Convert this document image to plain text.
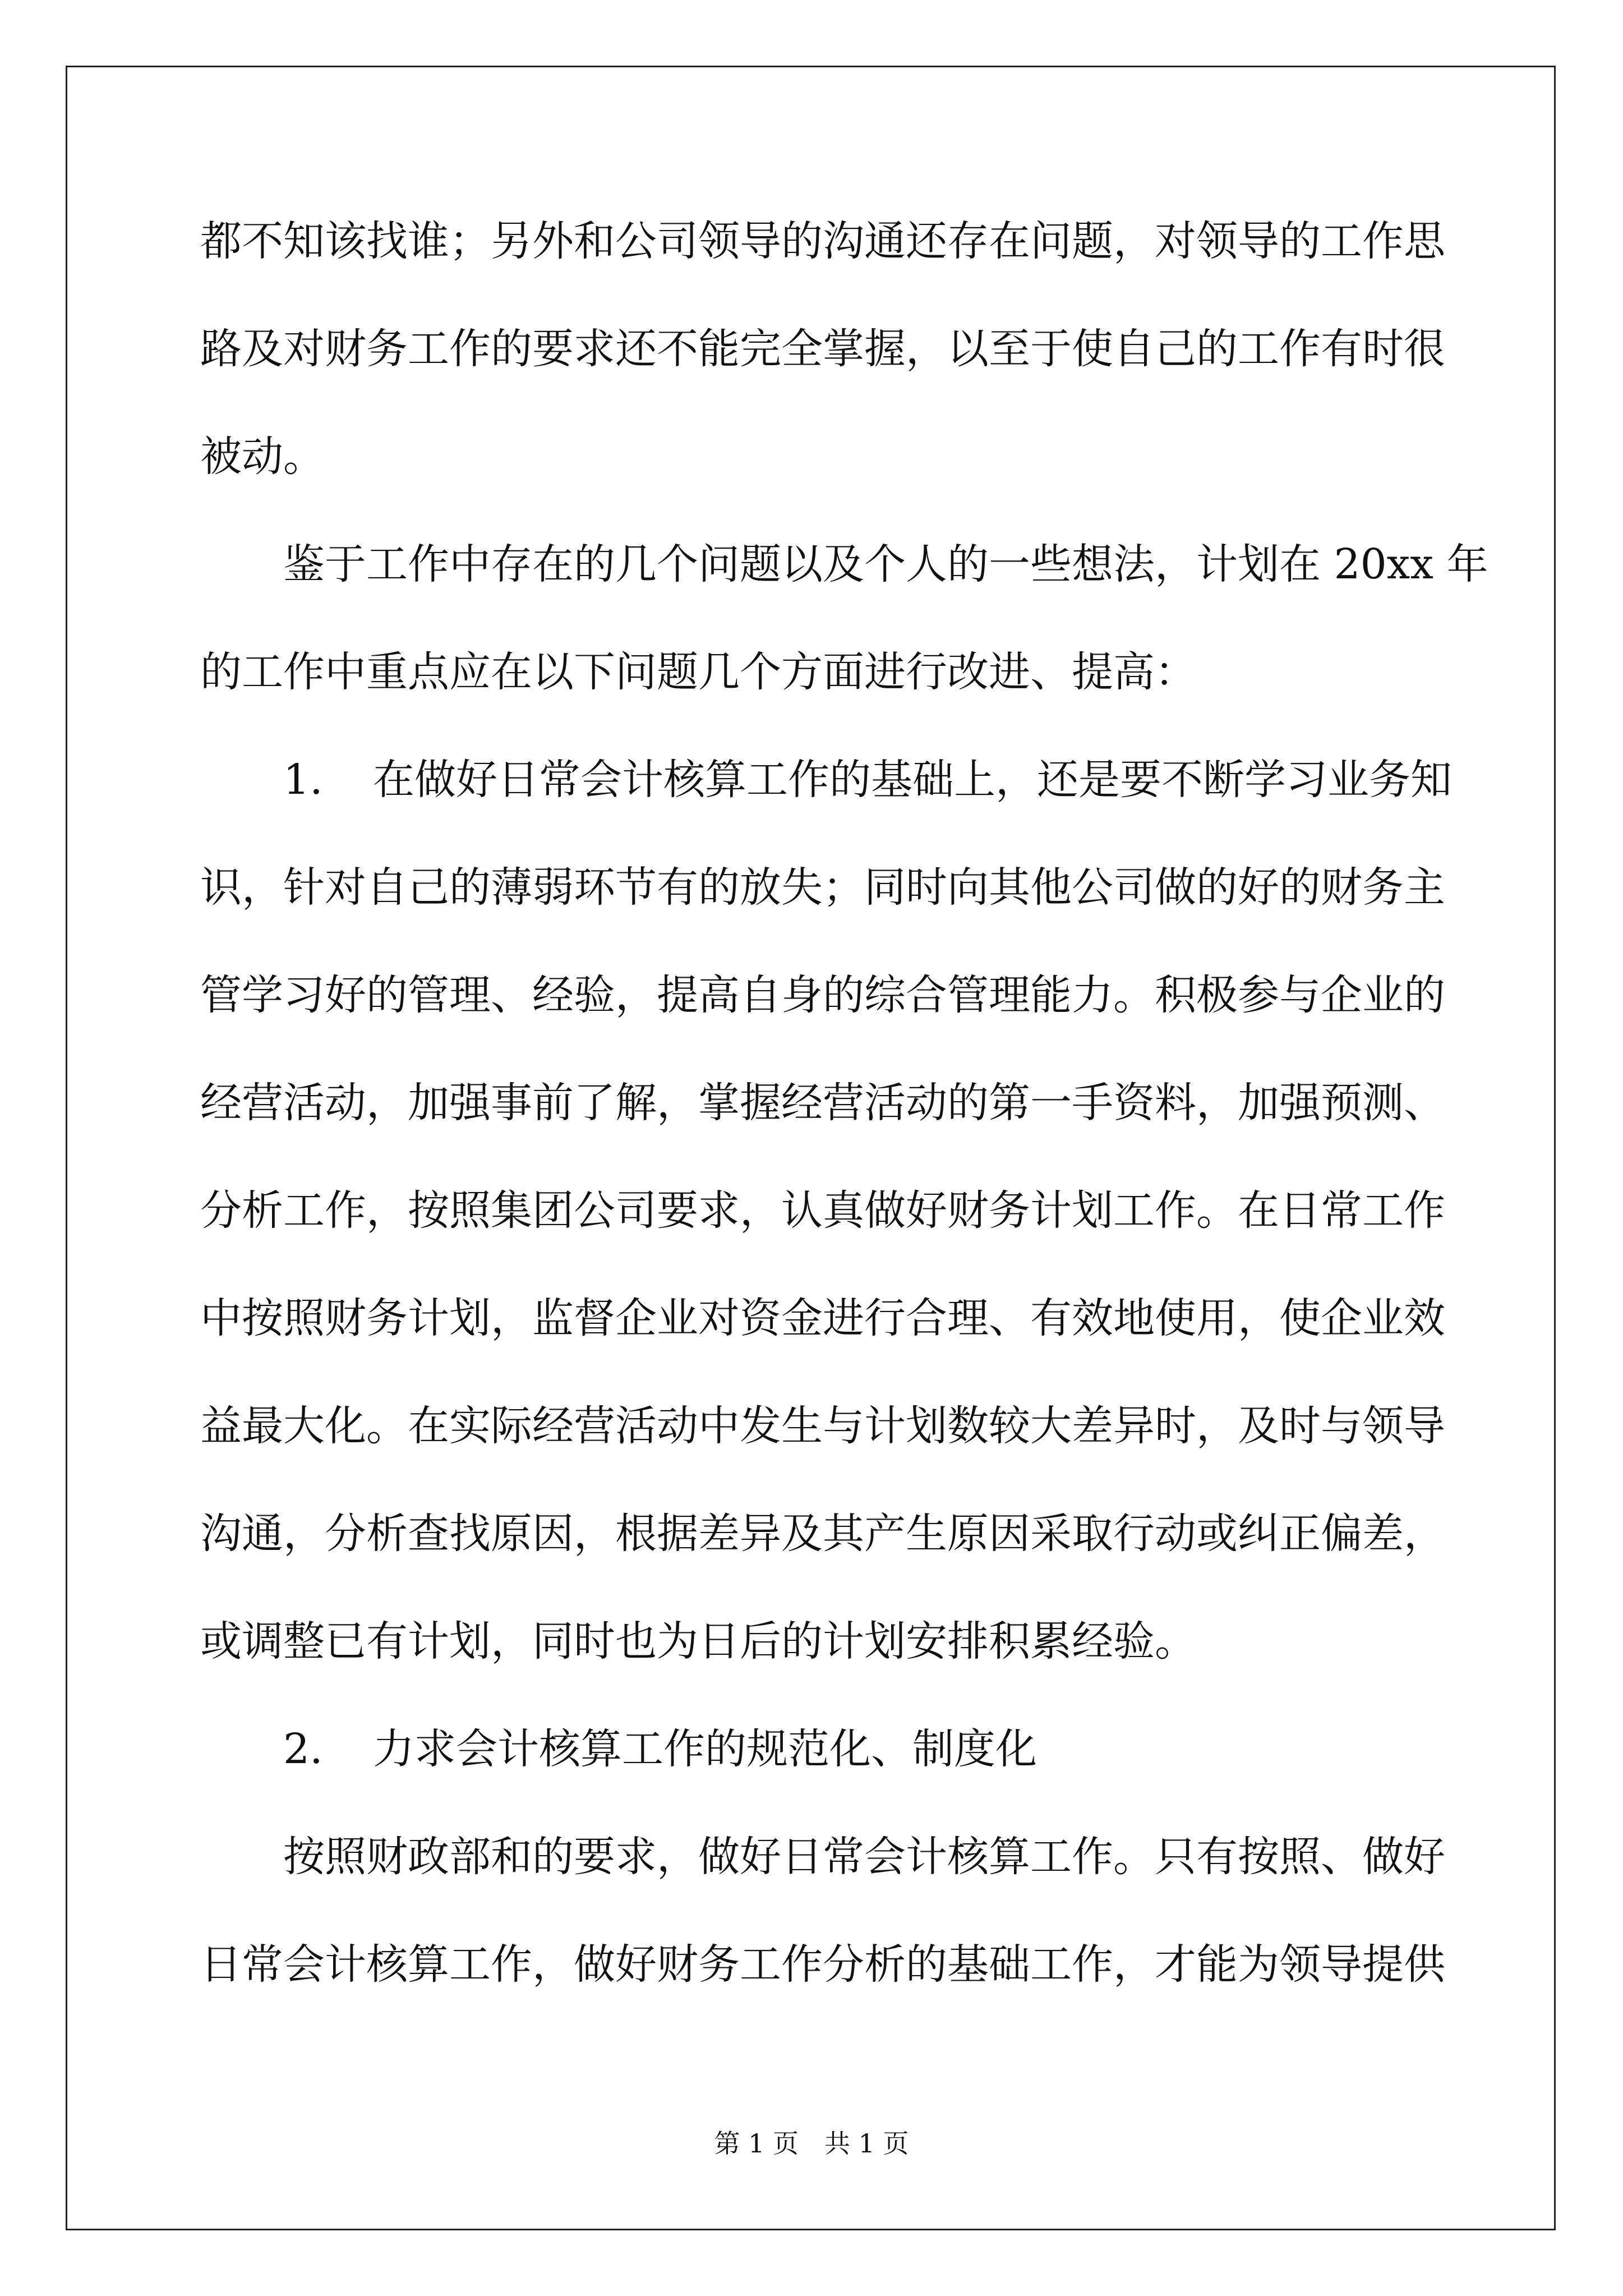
都不知该找谁；另外和公司领导的沟通还存在问题，对领导的工作思
路及对财务工作的要求还不能完全掌握，以至于使自己的工作有时很
被动。
鉴于工作中存在的几个问题以及个人的一些想法，计划在 20xx 年
的工作中重点应在以下问题几个方面进行改进、提高：
1. 在做好日常会计核算工作的基础上，还是要不断学习业务知
识，针对自己的薄弱环节有的放失；同时向其他公司做的好的财务主
管学习好的管理、经验，提高自身的综合管理能力。积极参与企业的
经营活动，加强事前了解，掌握经营活动的第一手资料，加强预测、
分析工作，按照集团公司要求，认真做好财务计划工作。在日常工作
中按照财务计划，监督企业对资金进行合理、有效地使用，使企业效
益最大化。在实际经营活动中发生与计划数较大差异时，及时与领导
沟通，分析查找原因，根据差异及其产生原因采取行动或纠正偏差，
或调整已有计划，同时也为日后的计划安排积累经验。
2. 力求会计核算工作的规范化、制度化
按照财政部和的要求，做好日常会计核算工作。只有按照、做好
日常会计核算工作，做好财务工作分析的基础工作，才能为领导提供
第 1 页　共 1 页
